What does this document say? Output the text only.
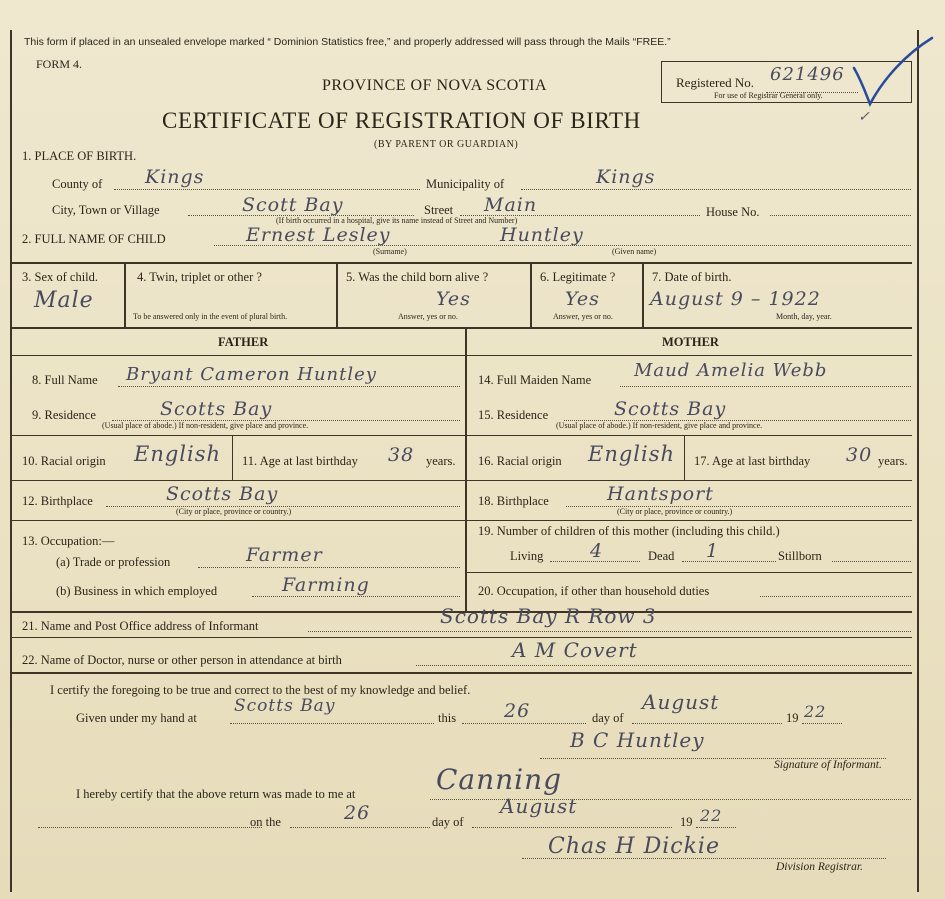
This form if placed in an unsealed envelope marked “ Dominion Statistics free,” and properly addressed will pass through the Mails “FREE.”
FORM 4.
PROVINCE OF NOVA SCOTIA
CERTIFICATE OF REGISTRATION OF BIRTH
(BY PARENT OR GUARDIAN)
Registered No. 621496
For use of Registrar General only.
✓
1. PLACE OF BIRTH.
County of Kings	Municipality of	Kings
City, Town or Village	Scott Bay	Street Main	House No.
(If birth occurred in a hospital, give its name instead of Street and Number)
2. FULL NAME OF CHILD	Ernest Lesley	Huntley
(Surname)	(Given name)
3. Sex of child.
Male
4. Twin, triplet or other ?
To be answered only in the event of plural birth.
5. Was the child born alive ?
Yes
Answer, yes or no.
6. Legitimate ?
Yes
Answer, yes or no.
7. Date of birth.
August 9 – 1922
Month, day, year.
FATHER	MOTHER
8. Full Name Bryant Cameron Huntley	14. Full Maiden Name Maud Amelia Webb
9. Residence	Scotts Bay
(Usual place of abode.) If non-resident, give place and province.
15. Residence	Scotts Bay
(Usual place of abode.) If non-resident, give place and province.
10. Racial origin English 11. Age at last birthday 38 years. 16. Racial origin English 17. Age at last birthday 30 years.
12. Birthplace	Scotts Bay
(City or place, province or country.)
18. Birthplace	Hantsport
(City or place, province or country.)
13. Occupation:—
(a) Trade or profession	Farmer
(b) Business in which employed	Farming
19. Number of children of this mother (including this child.)
Living 4	Dead 1	Stillborn
20. Occupation, if other than household duties
21. Name and Post Office address of Informant	Scotts Bay R Row 3
22. Name of Doctor, nurse or other person in attendance at birth	A M Covert
I certify the foregoing to be true and correct to the best of my knowledge and belief.
Given under my hand at
Scotts Bay
this	26	day of
August
19 22
B C Huntley
Signature of Informant.
I hereby certify that the above return was made to me at	Canning
on the	26	day of
August
19 22
Chas H Dickie
Division Registrar.
